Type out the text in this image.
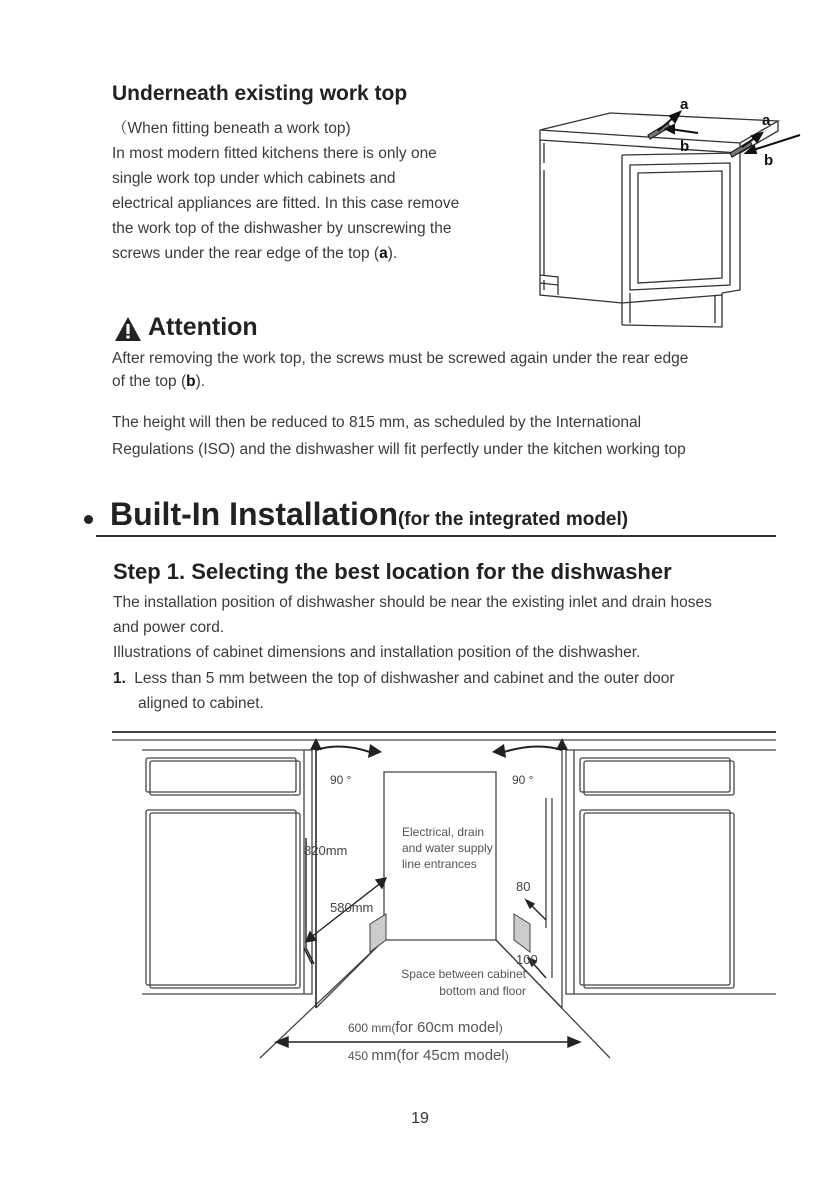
Underneath existing work top
（When fitting beneath a work top)
In most modern fitted kitchens there is only one
single work top under which cabinets and
electrical appliances are fitted. In this case remove
the work top of the dishwasher by unscrewing the
screws under the rear edge of the top (a).
a
b
a
b
Attention
After removing the work top, the screws must be screwed again under the rear edge
of the top (b).
The height will then be reduced to 815 mm, as scheduled by the International
Regulations (ISO) and the dishwasher will fit perfectly under the kitchen working top
Built-In Installation(for the integrated model)
Step 1. Selecting the best location for the dishwasher
The installation position of dishwasher should be near the existing inlet and drain hoses
and power cord.
Illustrations of cabinet dimensions and installation position of the dishwasher.
1. Less than 5 mm between the top of dishwasher and cabinet and the outer door
aligned to cabinet.
90 °	90 °
820mm
580mm
Electrical, drain
and water supply
line entrances
80
100
Space between cabinet
bottom and floor
600 mm(for 60cm model)
450 mm(for 45cm model)
19
